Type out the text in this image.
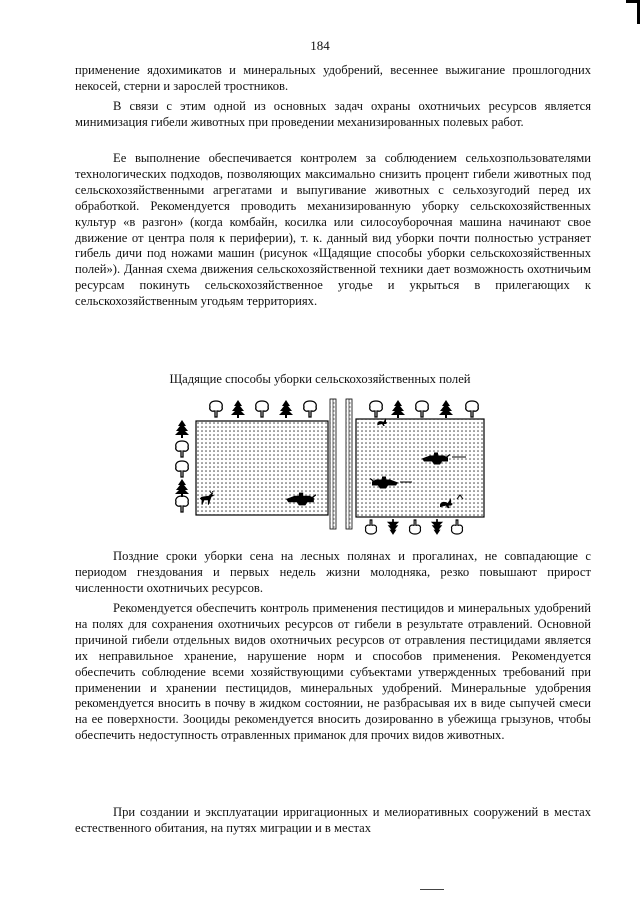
184

применение ядохимикатов и минеральных удобрений, весеннее выжигание прошлогодних некосей, стерни и зарослей тростников.

В связи с этим одной из основных задач охраны охотничьих ресурсов является минимизация гибели животных при проведении механизированных полевых работ.

Ее выполнение обеспечивается контролем за соблюдением сельхозпользователями технологических подходов, позволяющих максимально снизить процент гибели животных под сельскохозяйственными агрегатами и выпугивание животных с сельхозугодий перед их обработкой. Рекомендуется проводить механизированную уборку сельскохозяйственных культур «в разгон» (когда комбайн, косилка или силосоуборочная машина начинают свое движение от центра поля к периферии), т. к. данный вид уборки почти полностью устраняет гибель дичи под ножами машин (рисунок «Щадящие способы уборки сельскохозяйственных полей»). Данная схема движения сельскохозяйственной техники дает возможность охотничьим ресурсам покинуть сельскохозяйственное угодье и укрыться в прилегающих к сельскохозяйственным угодьям территориях.

Щадящие способы уборки сельскохозяйственных полей

Поздние сроки уборки сена на лесных полянах и прогалинах, не совпадающие с периодом гнездования и первых недель жизни молодняка, резко повышают прирост численности охотничьих ресурсов.

Рекомендуется обеспечить контроль применения пестицидов и минеральных удобрений на полях для сохранения охотничьих ресурсов от гибели в результате отравлений. Основной причиной гибели отдельных видов охотничьих ресурсов от отравления пестицидами является их неправильное хранение, нарушение норм и способов применения. Рекомендуется обеспечить соблюдение всеми хозяйствующими субъектами утвержденных требований при применении и хранении пестицидов, минеральных удобрений. Минеральные удобрения рекомендуется вносить в почву в жидком состоянии, не разбрасывая их в виде сыпучей смеси на ее поверхности. Зооциды рекомендуется вносить дозированно в убежища грызунов, чтобы обеспечить недоступность отравленных приманок для прочих видов животных.

При создании и эксплуатации ирригационных и мелиоративных сооружений в местах естественного обитания, на путях миграции и в местах
